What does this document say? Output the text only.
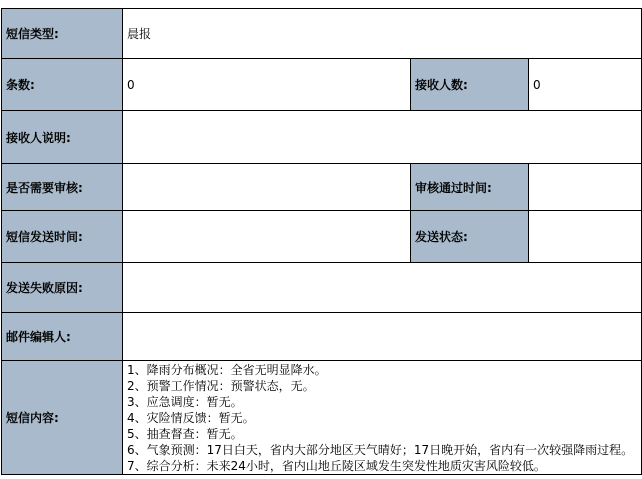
短信类型:	晨报		
条数:	0	接收人数:	0
接收人说明:			
是否需要审核:		审核通过时间:	
短信发送时间:		发送状态:	
发送失败原因:			
邮件编辑人:			
短信内容:	
1、降雨分布概况：全省无明显降水。
2、预警工作情况：预警状态，无。
3、应急调度：暂无。
4、灾险情反馈：暂无。
5、抽查督查：暂无。
6、气象预测：17日白天，省内大部分地区天气晴好；17日晚开始，省内有一次较强降雨过程。
7、综合分析：未来24小时，省内山地丘陵区域发生突发性地质灾害风险较低。
